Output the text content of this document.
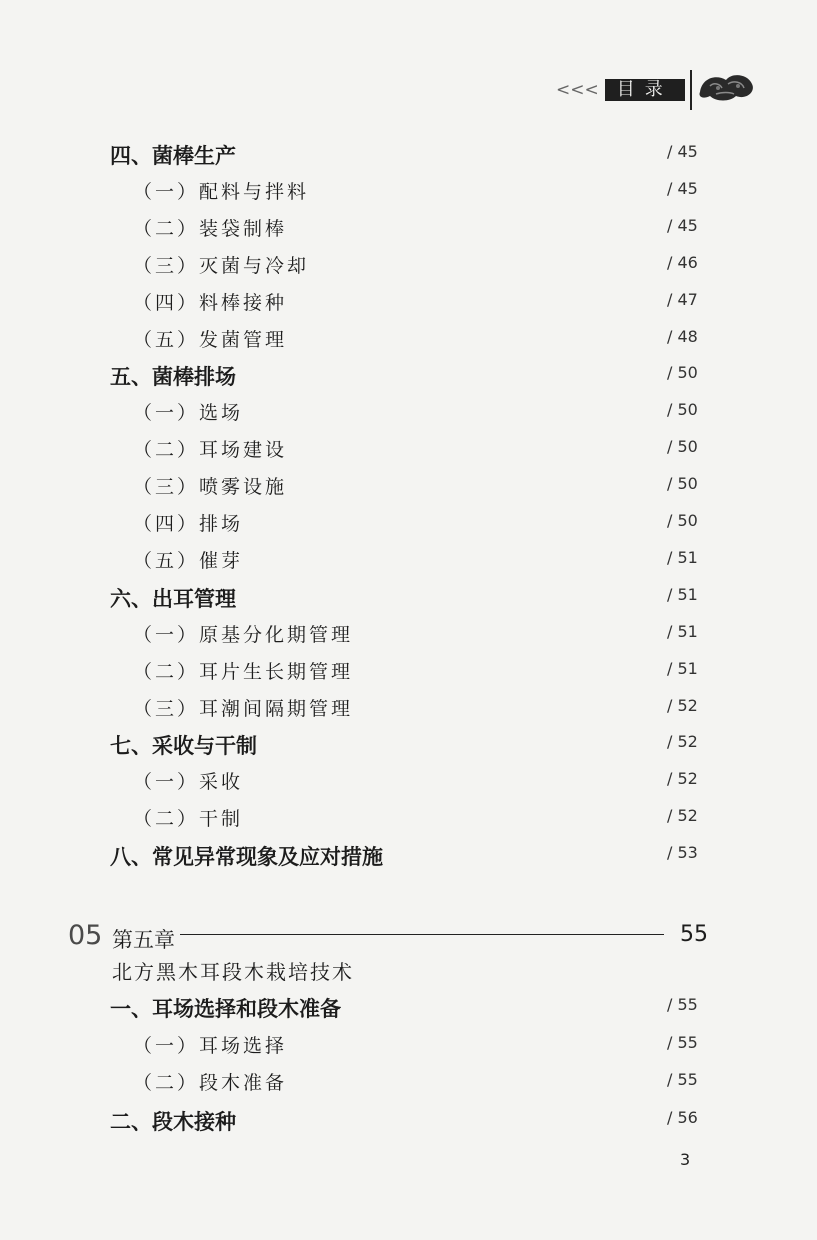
<<<	目录
四、菌棒生产	/ 45
（一）配料与拌料	/ 45
（二）装袋制棒	/ 45
（三）灭菌与冷却	/ 46
（四）料棒接种	/ 47
（五）发菌管理	/ 48
五、菌棒排场	/ 50
（一）选场	/ 50
（二）耳场建设	/ 50
（三）喷雾设施	/ 50
（四）排场	/ 50
（五）催芽	/ 51
六、出耳管理	/ 51
（一）原基分化期管理	/ 51
（二）耳片生长期管理	/ 51
（三）耳潮间隔期管理	/ 52
七、采收与干制	/ 52
（一）采收	/ 52
（二）干制	/ 52
八、常见异常现象及应对措施	/ 53
05 第五章	55
北方黑木耳段木栽培技术
一、耳场选择和段木准备	/ 55
（一）耳场选择	/ 55
（二）段木准备	/ 55
二、段木接种	/ 56
3
